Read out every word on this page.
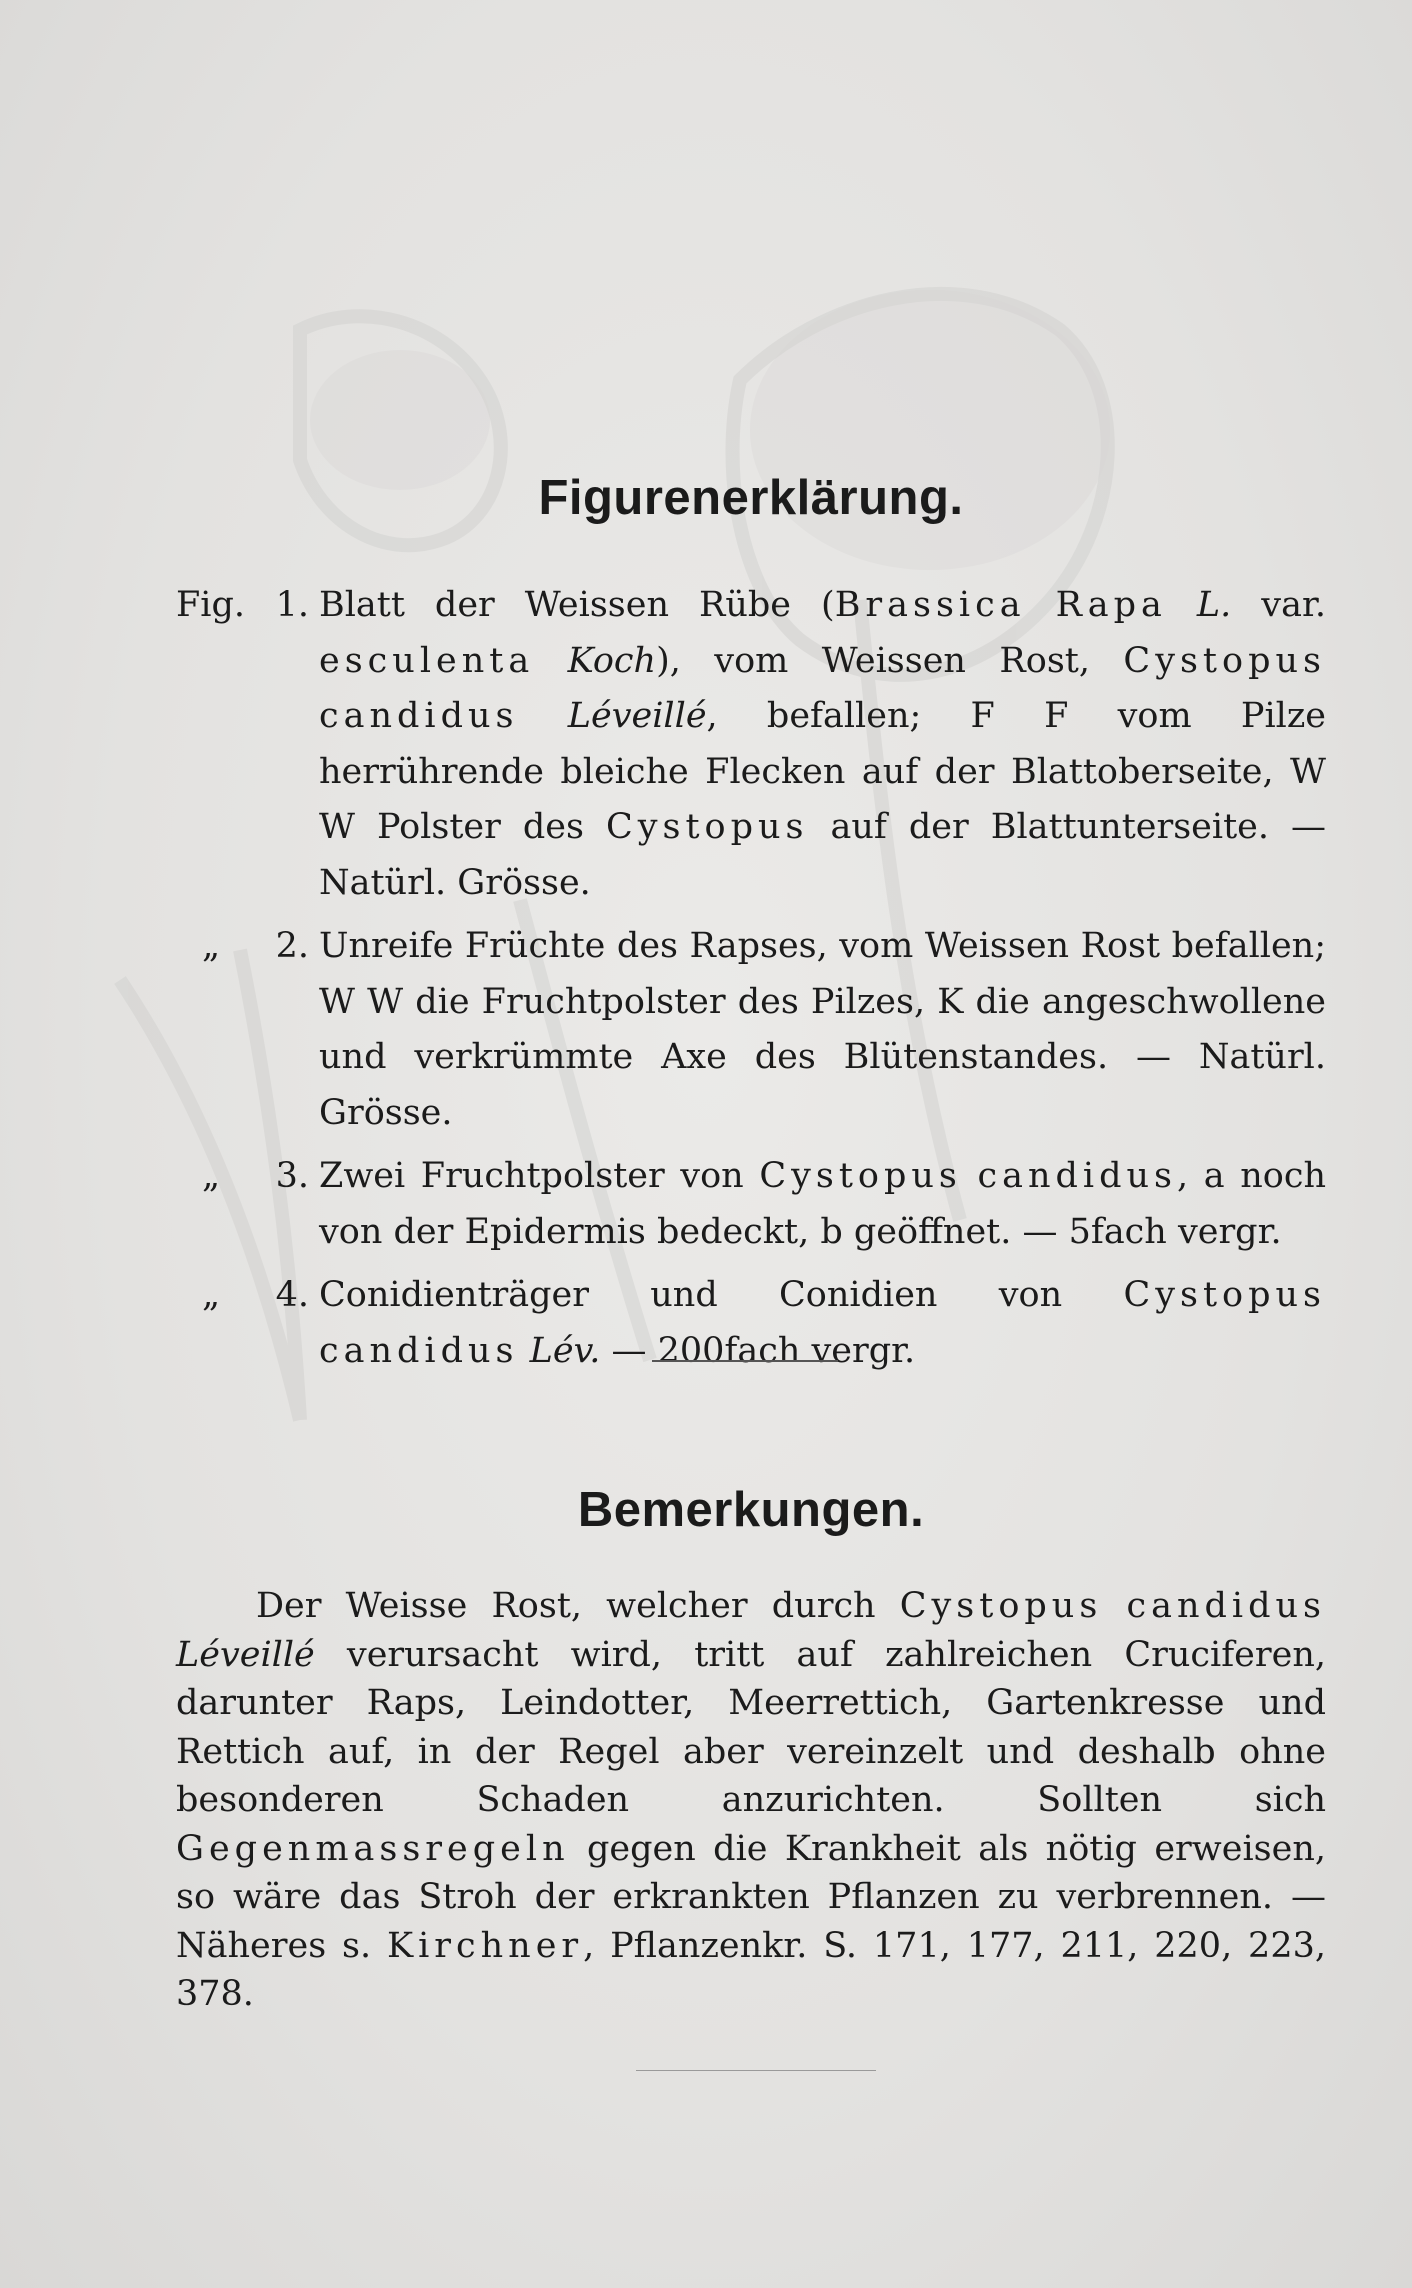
Figurenerklärung.
Fig. 1. Blatt der Weissen Rübe (Brassica Rapa L. var. esculenta Koch), vom Weissen Rost, Cystopus candidus Léveillé, befallen; F F vom Pilze herrührende bleiche Flecken auf der Blattoberseite, W W Polster des Cystopus auf der Blattunterseite. — Natürl. Grösse.
„	2. Unreife Früchte des Rapses, vom Weissen Rost befallen; W W die Fruchtpolster des Pilzes, K die angeschwollene und verkrümmte Axe des Blütenstandes. — Natürl. Grösse.
„	3. Zwei Fruchtpolster von Cystopus candidus, a noch von der Epidermis bedeckt, b geöffnet. — 5fach vergr.
„	4. Conidienträger und Conidien von Cystopus candidus Lév. — 200fach vergr.
Bemerkungen.
Der Weisse Rost, welcher durch Cystopus candidus Léveillé verursacht wird, tritt auf zahlreichen Cruciferen, darunter Raps, Leindotter, Meerrettich, Gartenkresse und Rettich auf, in der Regel aber vereinzelt und deshalb ohne besonderen Schaden anzurichten. Sollten sich Gegenmassregeln gegen die Krankheit als nötig erweisen, so wäre das Stroh der erkrankten Pflanzen zu verbrennen. — Näheres s. Kirchner, Pflanzenkr. S. 171, 177, 211, 220, 223, 378.
